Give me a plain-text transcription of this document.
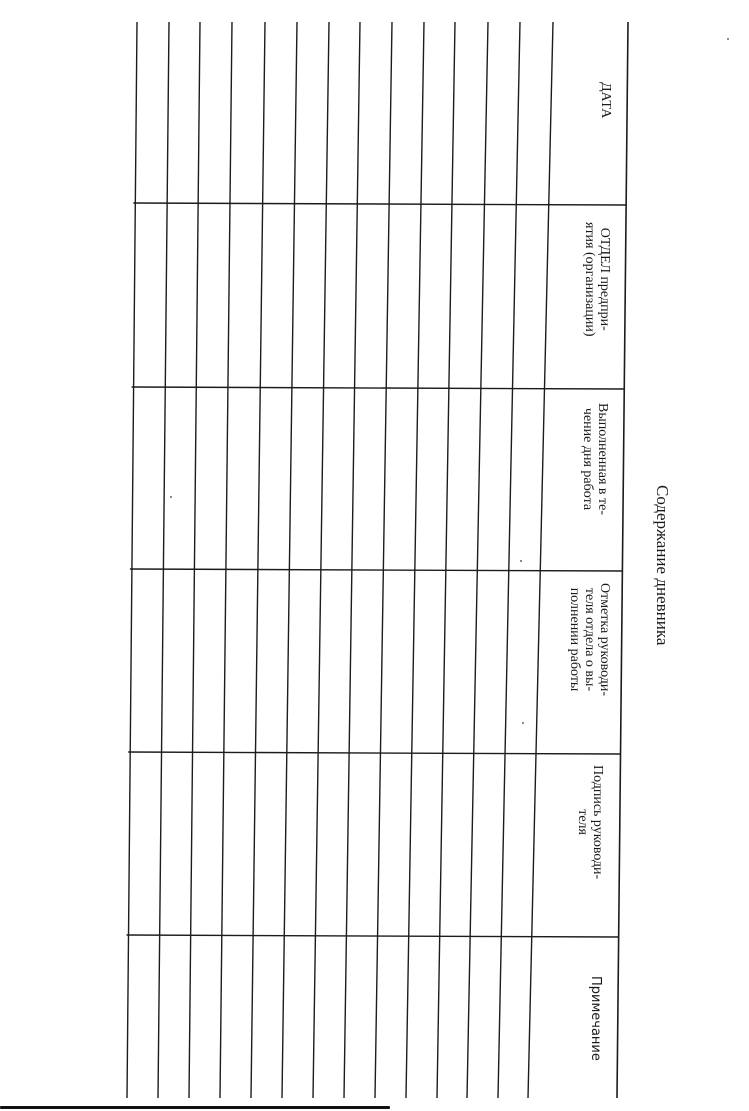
Содержание дневника
ДАТА
ОТДЕЛ предпри-
ятия (организации)
Выполненная в те-
чение дня работа
Отметка руководи-
теля отдела о вы-
полнении работы
Подпись руководи-
теля
Примечание
